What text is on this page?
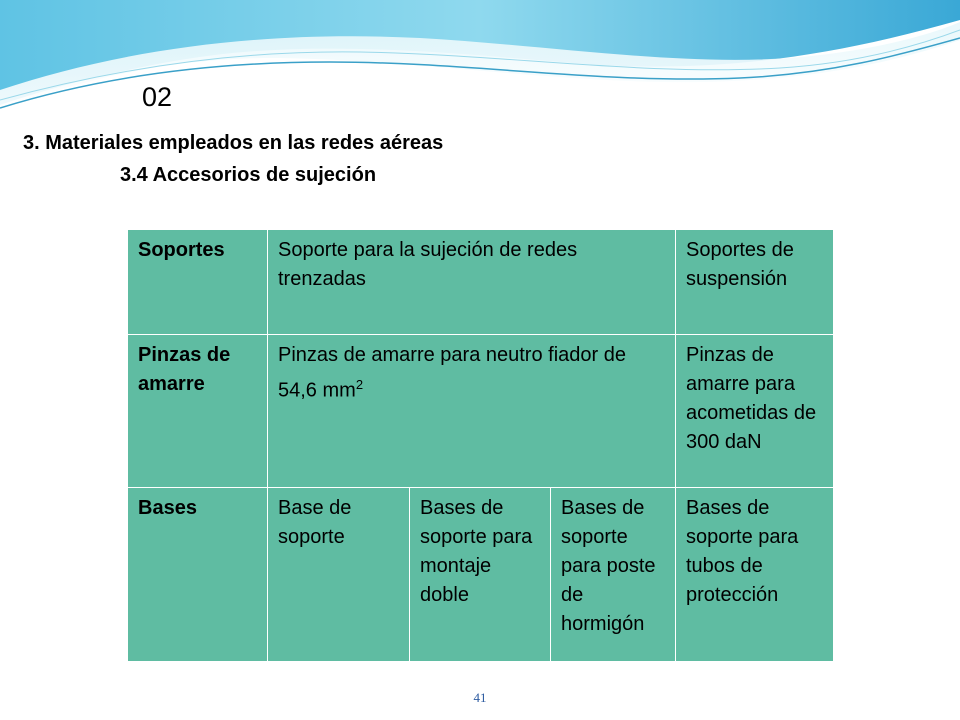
02
3. Materiales empleados en las redes aéreas
3.4 Accesorios de sujeción
Soportes	Soporte para la sujeción de redes trenzadas			Soportes de suspensión
Pinzas de amarre	Pinzas de amarre para neutro fiador de 54,6 $mm^2$			Pinzas de amarre para acometidas de 300 daN
Bases	Base de soporte	Bases de soporte para montaje doble	Bases de soporte para poste de hormigón	Bases de soporte para tubos de protección
41
